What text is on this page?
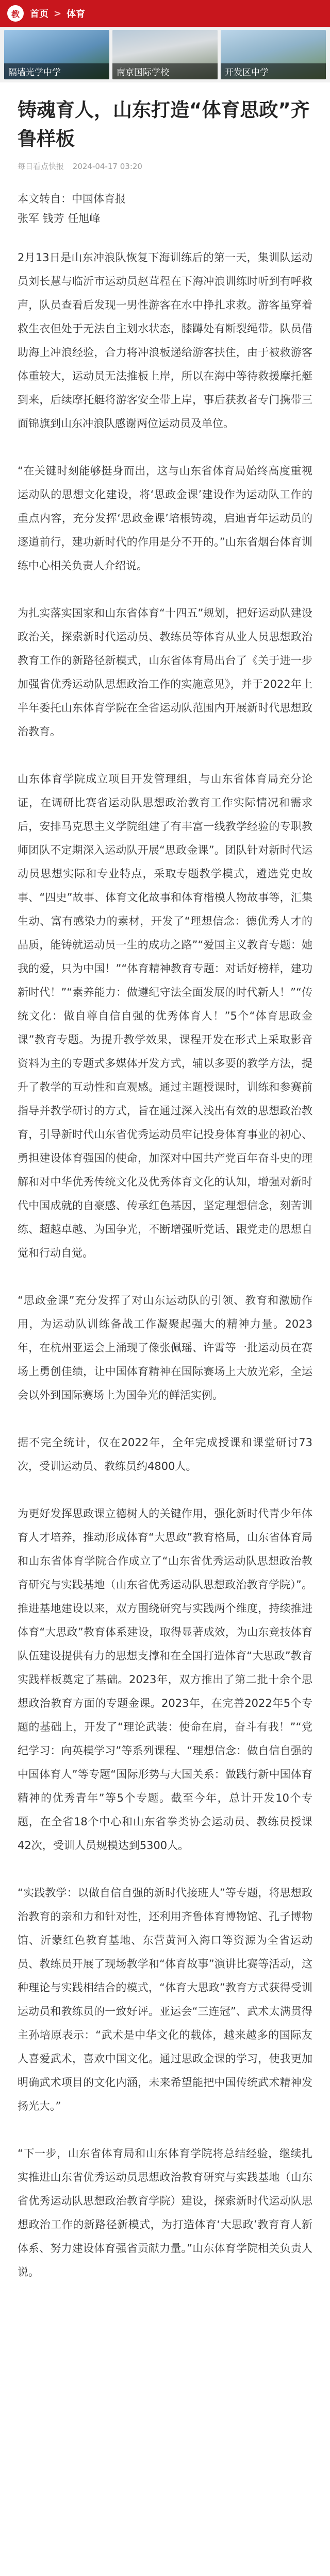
教	首页 > 体育
隔墙光学中学	南京国际学校	开发区中学
铸魂育人，山东打造“体育思政”齐鲁样板
每日看点快报 2024-04-17 03:20
本文转自：中国体育报
张军 钱芳 任旭峰

2月13日是山东冲浪队恢复下海训练后的第一天，集训队运动员刘长慧与临沂市运动员赵茸程在下海冲浪训练时听到有呼救声，队员查看后发现一男性游客在水中挣扎求救。游客虽穿着救生衣但处于无法自主划水状态，膝蹲处有断裂绳带。队员借助海上冲浪经验，合力将冲浪板递给游客扶住，由于被救游客体重较大，运动员无法推板上岸，所以在海中等待救援摩托艇到来，后续摩托艇将游客安全带上岸，事后获救者专门携带三面锦旗到山东冲浪队感谢两位运动员及单位。

“在关键时刻能够挺身而出，这与山东省体育局始终高度重视运动队的思想文化建设，将‘思政金课’建设作为运动队工作的重点内容，充分发挥‘思政金课’培根铸魂，启迪青年运动员的逐道前行，建功新时代的作用是分不开的。”山东省烟台体育训练中心相关负责人介绍说。

为扎实落实国家和山东省体育“十四五”规划，把好运动队建设政治关，探索新时代运动员、教练员等体育从业人员思想政治教育工作的新路径新模式，山东省体育局出台了《关于进一步加强省优秀运动队思想政治工作的实施意见》，并于2022年上半年委托山东体育学院在全省运动队范围内开展新时代思想政治教育。

山东体育学院成立项目开发管理组，与山东省体育局充分论证，在调研比赛省运动队思想政治教育工作实际情况和需求后，安排马克思主义学院组建了有丰富一线教学经验的专职教师团队不定期深入运动队开展“思政金课”。团队针对新时代运动员思想实际和专业特点，采取专题教学模式，遴选党史故事、“四史”故事、体育文化故事和体育楷模人物故事等，汇集生动、富有感染力的素材，开发了“理想信念：德优秀人才的品质，能铸就运动员一生的成功之路”“爱国主义教育专题：她我的爱，只为中国！”“体育精神教育专题：对话好榜样，建功新时代！”“素养能力：做遵纪守法全面发展的时代新人！”“传统文化：做自尊自信自强的优秀体育人！”5个“体育思政金课”教育专题。为提升教学效果，课程开发在形式上采取影音资料为主的专题式多媒体开发方式，辅以多要的教学方法，提升了教学的互动性和直观感。通过主题授课时，训练和参赛前指导并教学研讨的方式，旨在通过深入浅出有效的思想政治教育，引导新时代山东省优秀运动员牢记投身体育事业的初心、勇担建设体育强国的使命，加深对中国共产党百年奋斗史的理解和对中华优秀传统文化及优秀体育文化的认知，增强对新时代中国成就的自豪感、传承红色基因，坚定理想信念，刻苦训练、超越卓越、为国争光，不断增强听党话、跟党走的思想自觉和行动自觉。

“思政金课”充分发挥了对山东运动队的引领、教育和激励作用，为运动队训练备战工作凝聚起强大的精神力量。2023年，在杭州亚运会上涌现了像张佩瑶、许霄等一批运动员在赛场上勇创佳绩，让中国体育精神在国际赛场上大放光彩，全运会以外到国际赛场上为国争光的鲜活实例。

据不完全统计，仅在2022年，全年完成授课和课堂研讨73次，受训运动员、教练员约4800人。

为更好发挥思政课立德树人的关键作用，强化新时代青少年体育人才培养，推动形成体育“大思政”教育格局，山东省体育局和山东省体育学院合作成立了“山东省优秀运动队思想政治教育研究与实践基地（山东省优秀运动队思想政治教育学院）”。推进基地建设以来，双方围绕研究与实践两个维度，持续推进体育“大思政”教育体系建设，取得显著成效，为山东竞技体育队伍建设提供有力的思想支撑和在全国打造体育“大思政”教育实践样板奠定了基础。2023年，双方推出了第二批十余个思想政治教育方面的专题金课。2023年，在完善2022年5个专题的基础上，开发了“理论武装：使命在肩，奋斗有我！”“党纪学习：向英模学习”等系列课程、“理想信念：做自信自强的中国体育人”等专题“国际形势与大国关系：做践行新中国体育精神的优秀青年”等5个专题。截至今年，总计开发10个专题，在全省18个中心和山东省拳类协会运动员、教练员授课42次，受训人员规模达到5300人。

“实践教学：以做自信自强的新时代接班人”等专题，将思想政治教育的亲和力和针对性，还利用齐鲁体育博物馆、孔子博物馆、沂蒙红色教育基地、东营黄河入海口等资源为全省运动员、教练员开展了现场教学和“体育故事”演讲比赛等活动，这种理论与实践相结合的模式，“体育大思政”教育方式获得受训运动员和教练员的一致好评。亚运会“三连冠”、武术太满贯得主孙培原表示：“武术是中华文化的载体，越来越多的国际友人喜爱武术，喜欢中国文化。通过思政金课的学习，使我更加明确武术项目的文化内涵，未来希望能把中国传统武术精神发扬光大。”

“下一步，山东省体育局和山东体育学院将总结经验，继续扎实推进山东省优秀运动员思想政治教育研究与实践基地（山东省优秀运动队思想政治教育学院）建设，探索新时代运动队思想政治工作的新路径新模式，为打造体育‘大思政’教育育人新体系、努力建设体育强省贡献力量。”山东体育学院相关负责人说。
